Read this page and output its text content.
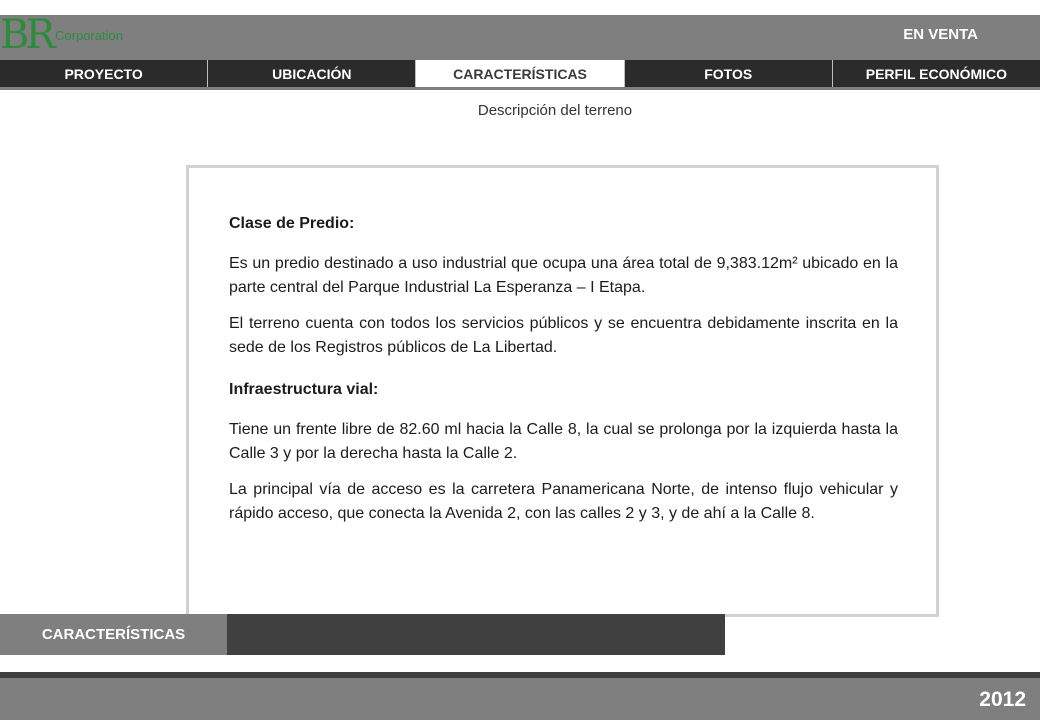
BR Corporation	EN VENTA
PROYECTO	UBICACIÓN	CARACTERÍSTICAS	FOTOS	PERFIL ECONÓMICO
Descripción del terreno
Clase de Predio:

Es un predio destinado a uso industrial que ocupa una área total de 9,383.12m² ubicado en la parte central del Parque Industrial La Esperanza – I Etapa.

El terreno cuenta con todos los servicios públicos y se encuentra debidamente inscrita en la sede de los Registros públicos de La Libertad.

Infraestructura vial:

Tiene un frente libre de 82.60 ml hacia la Calle 8, la cual se prolonga por la izquierda hasta la Calle 3 y por la derecha hasta la Calle 2.

La principal vía de acceso es la carretera Panamericana Norte, de intenso flujo vehicular y rápido acceso, que conecta la Avenida 2, con las calles 2 y 3, y de ahí a la Calle 8.

CARACTERÍSTICAS
2012
